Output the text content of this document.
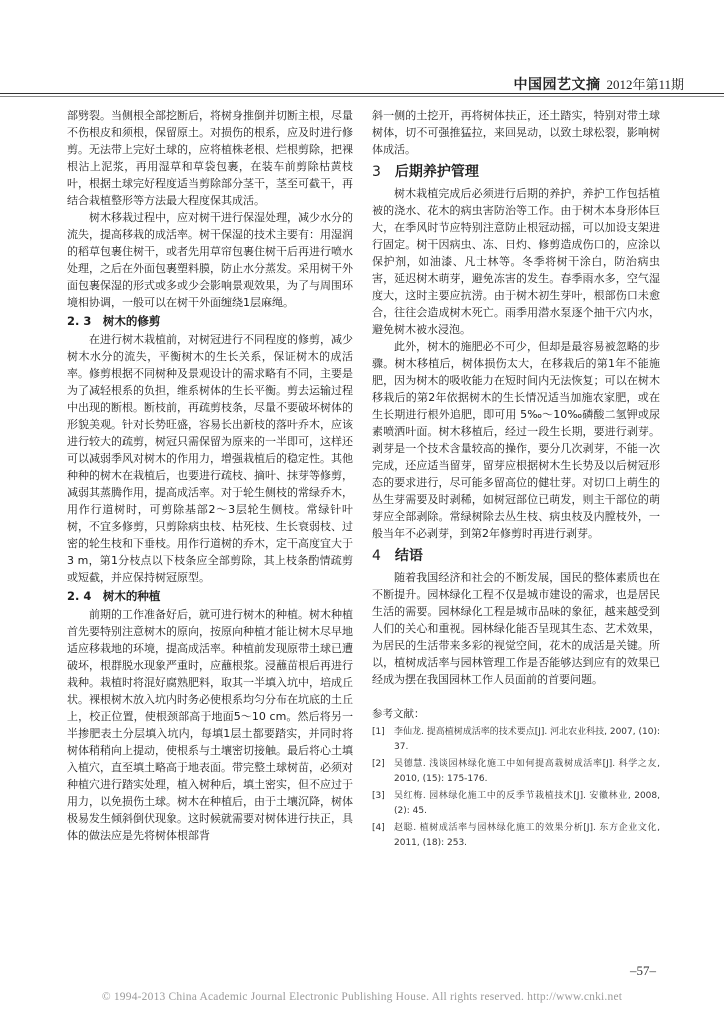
中国园艺文摘 2012年第11期

部劈裂。当侧根全部挖断后，将树身推倒并切断主根，尽量不伤根皮和须根，保留原土。对损伤的根系，应及时进行修剪。无法带上完好土球的，应将植株老根、烂根剪除，把裸根沾上泥浆，再用湿草和草袋包裹，在装车前剪除枯黄枝叶，根据土球完好程度适当剪除部分茎干，茎至可截干，再结合栽植整形等方法最大程度保其成活。

树木移栽过程中，应对树干进行保湿处理，减少水分的流失，提高移栽的成活率。树干保湿的技术主要有：用湿润的稻草包裹住树干，或者先用草帘包裹住树干后再进行喷水处理，之后在外面包裹塑料膜，防止水分蒸发。采用树干外面包裹保湿的形式或多或少会影响景观效果，为了与周围环境相协调，一般可以在树干外面缠绕1层麻绳。

2. 3　树木的修剪

在进行树木栽植前，对树冠进行不同程度的修剪，减少树木水分的流失，平衡树木的生长关系，保证树木的成活率。修剪根据不同树种及景观设计的需求略有不同，主要是为了减轻根系的负担，维系树体的生长平衡。剪去运输过程中出现的断根。断枝前，再疏剪枝条，尽量不要破坏树体的形貌美观。针对长势旺盛，容易长出新枝的落叶乔木，应该进行较大的疏剪，树冠只需保留为原来的一半即可，这样还可以减弱季风对树木的作用力，增强栽植后的稳定性。其他种种的树木在栽植后，也要进行疏枝、摘叶、抹芽等修剪，减弱其蒸腾作用，提高成活率。对于轮生侧枝的常绿乔木，用作行道树时，可剪除基部2～3层轮生侧枝。常绿针叶树，不宜多修剪，只剪除病虫枝、枯死枝、生长衰弱枝、过密的轮生枝和下垂枝。用作行道树的乔木，定干高度宜大于3 m，第1分枝点以下枝条应全部剪除，其上枝条酌情疏剪或短截，并应保持树冠原型。

2. 4　树木的种植

前期的工作准备好后，就可进行树木的种植。树木种植首先要特别注意树木的原向，按原向种植才能让树木尽早地适应移栽地的环境，提高成活率。种植前发现原带土球已遭破坏，根群脱水现象严重时，应蘸根浆。浸蘸苗根后再进行栽种。栽植时将混好腐熟肥料，取其一半填入坑中，培成丘状。裸根树木放入坑内时务必使根系均匀分布在坑底的土丘上，校正位置，使根颈部高于地面5～10 cm。然后将另一半掺肥表土分层填入坑内，每填1层土都要踏实，并同时将树体稍稍向上提动，使根系与土壤密切接触。最后将心土填入植穴，直至填土略高于地表面。带完整土球树苗，必须对种植穴进行踏实处理，植入树种后，填土密实，但不应过于用力，以免损伤土球。树木在种植后，由于土壤沉降，树体极易发生倾斜倒伏现象。这时候就需要对树体进行扶正，具体的做法应是先将树体根部背

斜一侧的土挖开，再将树体扶正，还土踏实，特别对带土球树体，切不可强推猛拉，来回晃动，以致土球松裂，影响树体成活。

3 后期养护管理

树木栽植完成后必须进行后期的养护，养护工作包括植被的浇水、花木的病虫害防治等工作。由于树木本身形体巨大，在季风时节应特别注意防止根冠动摇，可以加设支架进行固定。树干因病虫、冻、日灼、修剪造成伤口的，应涂以保护剂，如油漆、凡士林等。冬季将树干涂白，防治病虫害，延迟树木萌芽，避免冻害的发生。春季雨水多，空气湿度大，这时主要应抗涝。由于树木初生芽叶，根部伤口未愈合，往往会造成树木死亡。雨季用潜水泵逐个抽干穴内水，避免树木被水浸泡。

此外，树木的施肥必不可少，但却是最容易被忽略的步骤。树木移植后，树体损伤太大，在移栽后的第1年不能施肥，因为树木的吸收能力在短时间内无法恢复；可以在树木移栽后的第2年依据树木的生长情况适当加施农家肥，或在生长期进行根外追肥，即可用 5‰～10‰磷酸二氢钾或尿素喷洒叶面。树木移植后，经过一段生长期，要进行剥芽。剥芽是一个技术含量较高的操作，要分几次剥芽，不能一次完成，还应适当留芽，留芽应根据树木生长势及以后树冠形态的要求进行，尽可能多留高位的健壮芽。对切口上萌生的丛生芽需要及时剥稀，如树冠部位已萌发，则主干部位的萌芽应全部剥除。常绿树除去丛生枝、病虫枝及内膛枝外，一般当年不必剥芽，到第2年修剪时再进行剥芽。

4 结语

随着我国经济和社会的不断发展，国民的整体素质也在不断提升。园林绿化工程不仅是城市建设的需求，也是居民生活的需要。园林绿化工程是城市品味的象征，越来越受到人们的关心和重视。园林绿化能否呈现其生态、艺术效果，为居民的生活带来多彩的视觉空间，花木的成活是关键。所以，植树成活率与园林管理工作是否能够达到应有的效果已经成为摆在我国园林工作人员面前的首要问题。

参考文献：
[1]	李仙龙. 提高植树成活率的技术要点[J]. 河北农业科技, 2007, (10): 37.
[2]	吴德慧. 浅谈园林绿化施工中如何提高栽树成活率[J]. 科学之友, 2010, (15): 175-176.
[3]	吴红梅. 园林绿化施工中的反季节栽植技术[J]. 安徽林业, 2008, (2): 45.
[4]	赵聪. 植树成活率与园林绿化施工的效果分析[J]. 东方企业文化, 2011, (18): 253.
–57–
© 1994-2013 China Academic Journal Electronic Publishing House. All rights reserved. http://www.cnki.net
